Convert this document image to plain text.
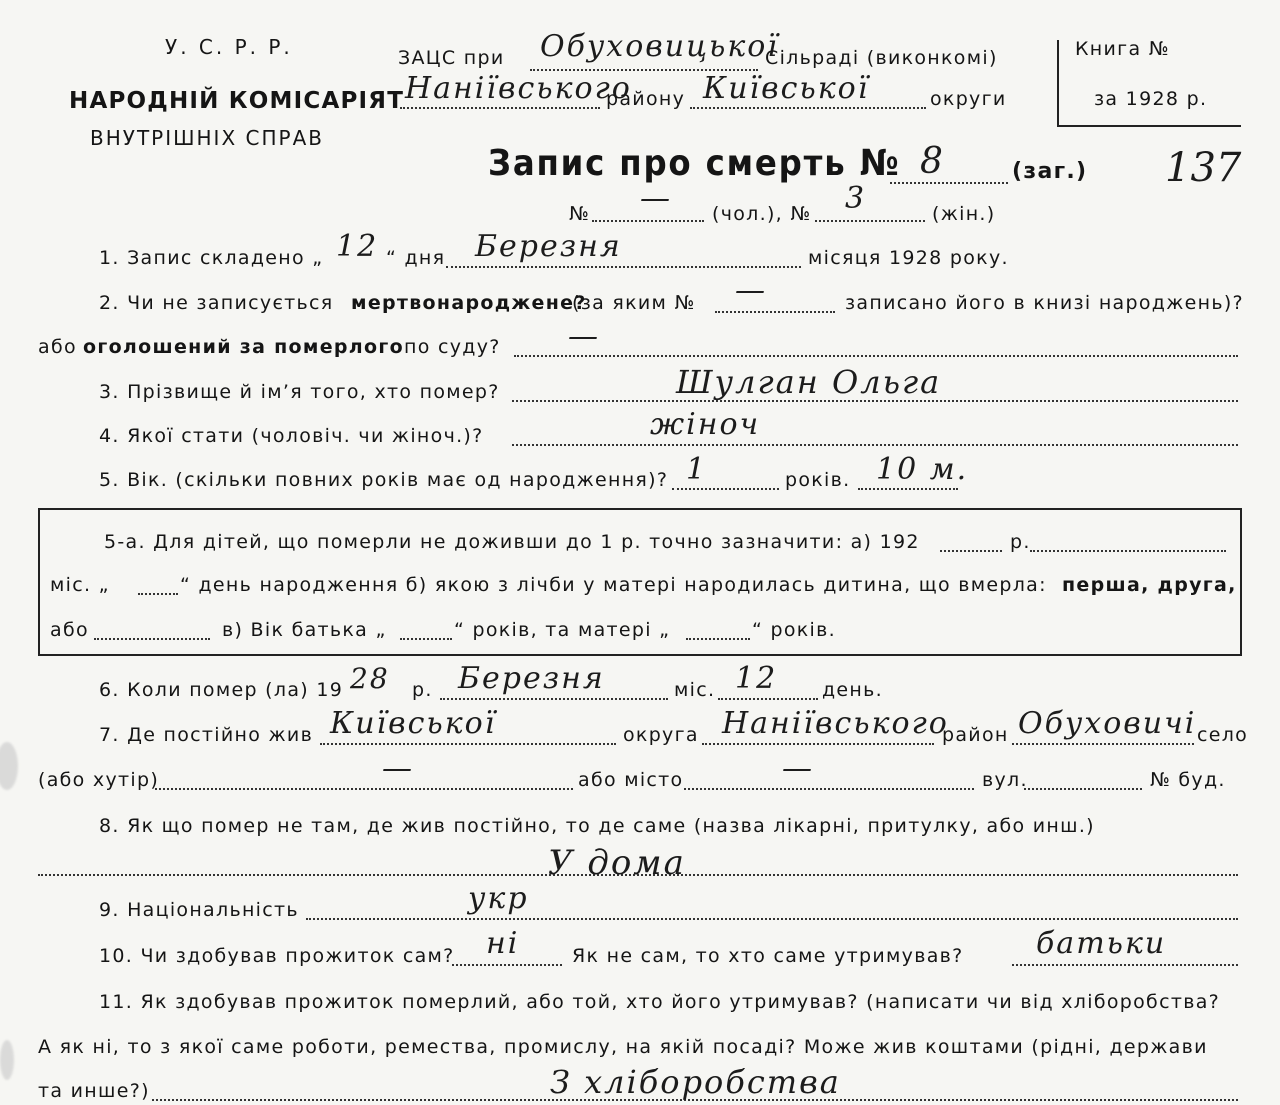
У. С. Р. Р.
НАРОДНІЙ КОМІСАРІЯТ
ВНУТРІШНІХ СПРАВ
ЗАЦС при Обуховицької
Сільраді (виконкомі)
Наніївського
району Київської	округи
Книга №
за 1928 р.
Запис про смерть № 8	(заг.) 137
№ — (чол.), № 3	(жін.)
1. Запис складено „ 12 “ дня Березня	місяця 1928 року.
2. Чи не записується мертвонароджене?
(за яким № —	записано його в книзі народжень)?
або оголошений за померлого по суду? —
3. Прізвище й ім’я того, хто помер?	Шулган Ольга
4. Якої стати (чоловіч. чи жіноч.)?	жіноч
5. Вік. (скільки повних років має од народження)? 1	років. 10 м.
5-а. Для дітей, що померли не доживши до 1 р. точно зазначити: а) 192	р.
міс. „	“ день народження б) якою з лічби у матері народилась дитина, що вмерла: перша, друга,
або	в) Вік батька „	“ років, та матері „	“ років.
6. Коли помер (ла) 19 28 р. Березня	міс. 12 день.
7. Де постійно жив Київської	округа Наніївського
район Обуховичі село
(або хутір)	—	або місто	—	вул.	№ буд.
8. Як що помер не там, де жив постійно, то де саме (назва лікарні, притулку, або инш.)
У дома
9. Національність	укр
10. Чи здобував прожиток сам? ні	Як не сам, то хто саме утримував? батьки
11. Як здобував прожиток померлий, або той, хто його утримував? (написати чи від хліборобства?
А як ні, то з якої саме роботи, ремества, промислу, на якій посаді? Може жив коштами (рідні, держави
та инше?)	З хліборобства
